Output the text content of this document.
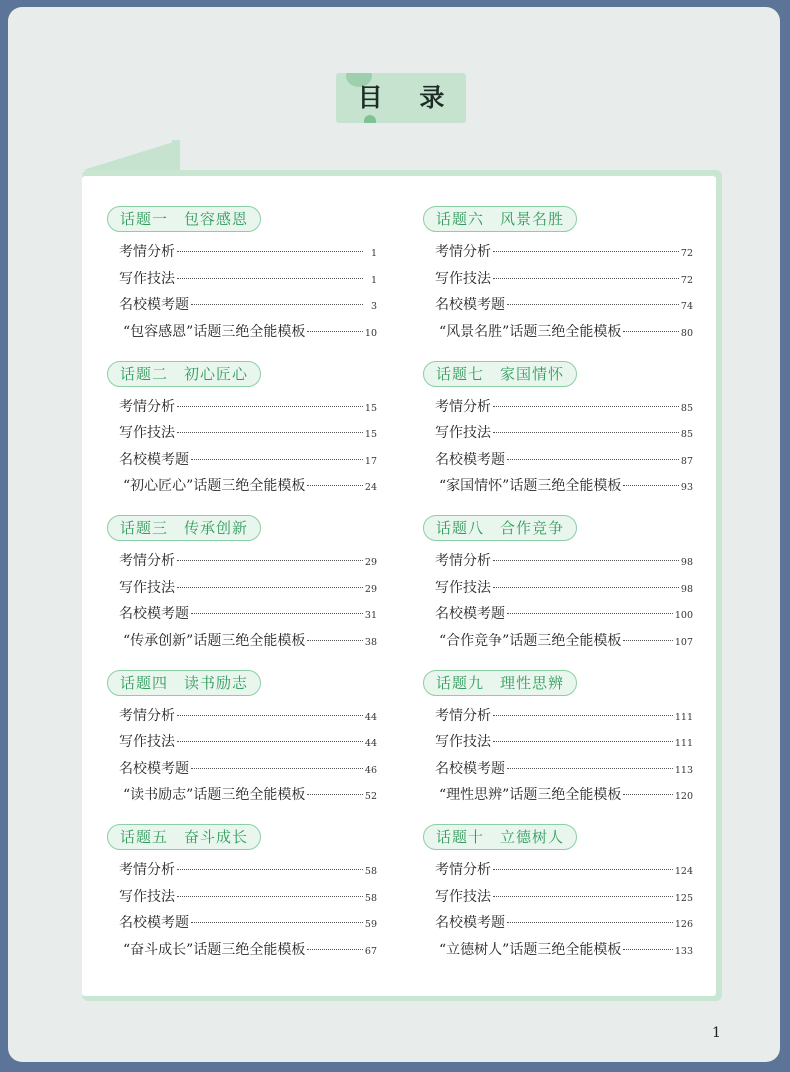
目 录
话题一　包容感恩
考情分析	1
写作技法	1
名校模考题	3
“包容感恩”话题三绝全能模板	10
话题二　初心匠心
考情分析	15
写作技法	15
名校模考题	17
“初心匠心”话题三绝全能模板	24
话题三　传承创新
考情分析	29
写作技法	29
名校模考题	31
“传承创新”话题三绝全能模板	38
话题四　读书励志
考情分析	44
写作技法	44
名校模考题	46
“读书励志”话题三绝全能模板	52
话题五　奋斗成长
考情分析	58
写作技法	58
名校模考题	59
“奋斗成长”话题三绝全能模板	67
话题六　风景名胜
考情分析	72
写作技法	72
名校模考题	74
“风景名胜”话题三绝全能模板	80
话题七　家国情怀
考情分析	85
写作技法	85
名校模考题	87
“家国情怀”话题三绝全能模板	93
话题八　合作竞争
考情分析	98
写作技法	98
名校模考题	100
“合作竞争”话题三绝全能模板	107
话题九　理性思辨
考情分析	111
写作技法	111
名校模考题	113
“理性思辨”话题三绝全能模板	120
话题十　立德树人
考情分析	124
写作技法	125
名校模考题	126
“立德树人”话题三绝全能模板	133
1
